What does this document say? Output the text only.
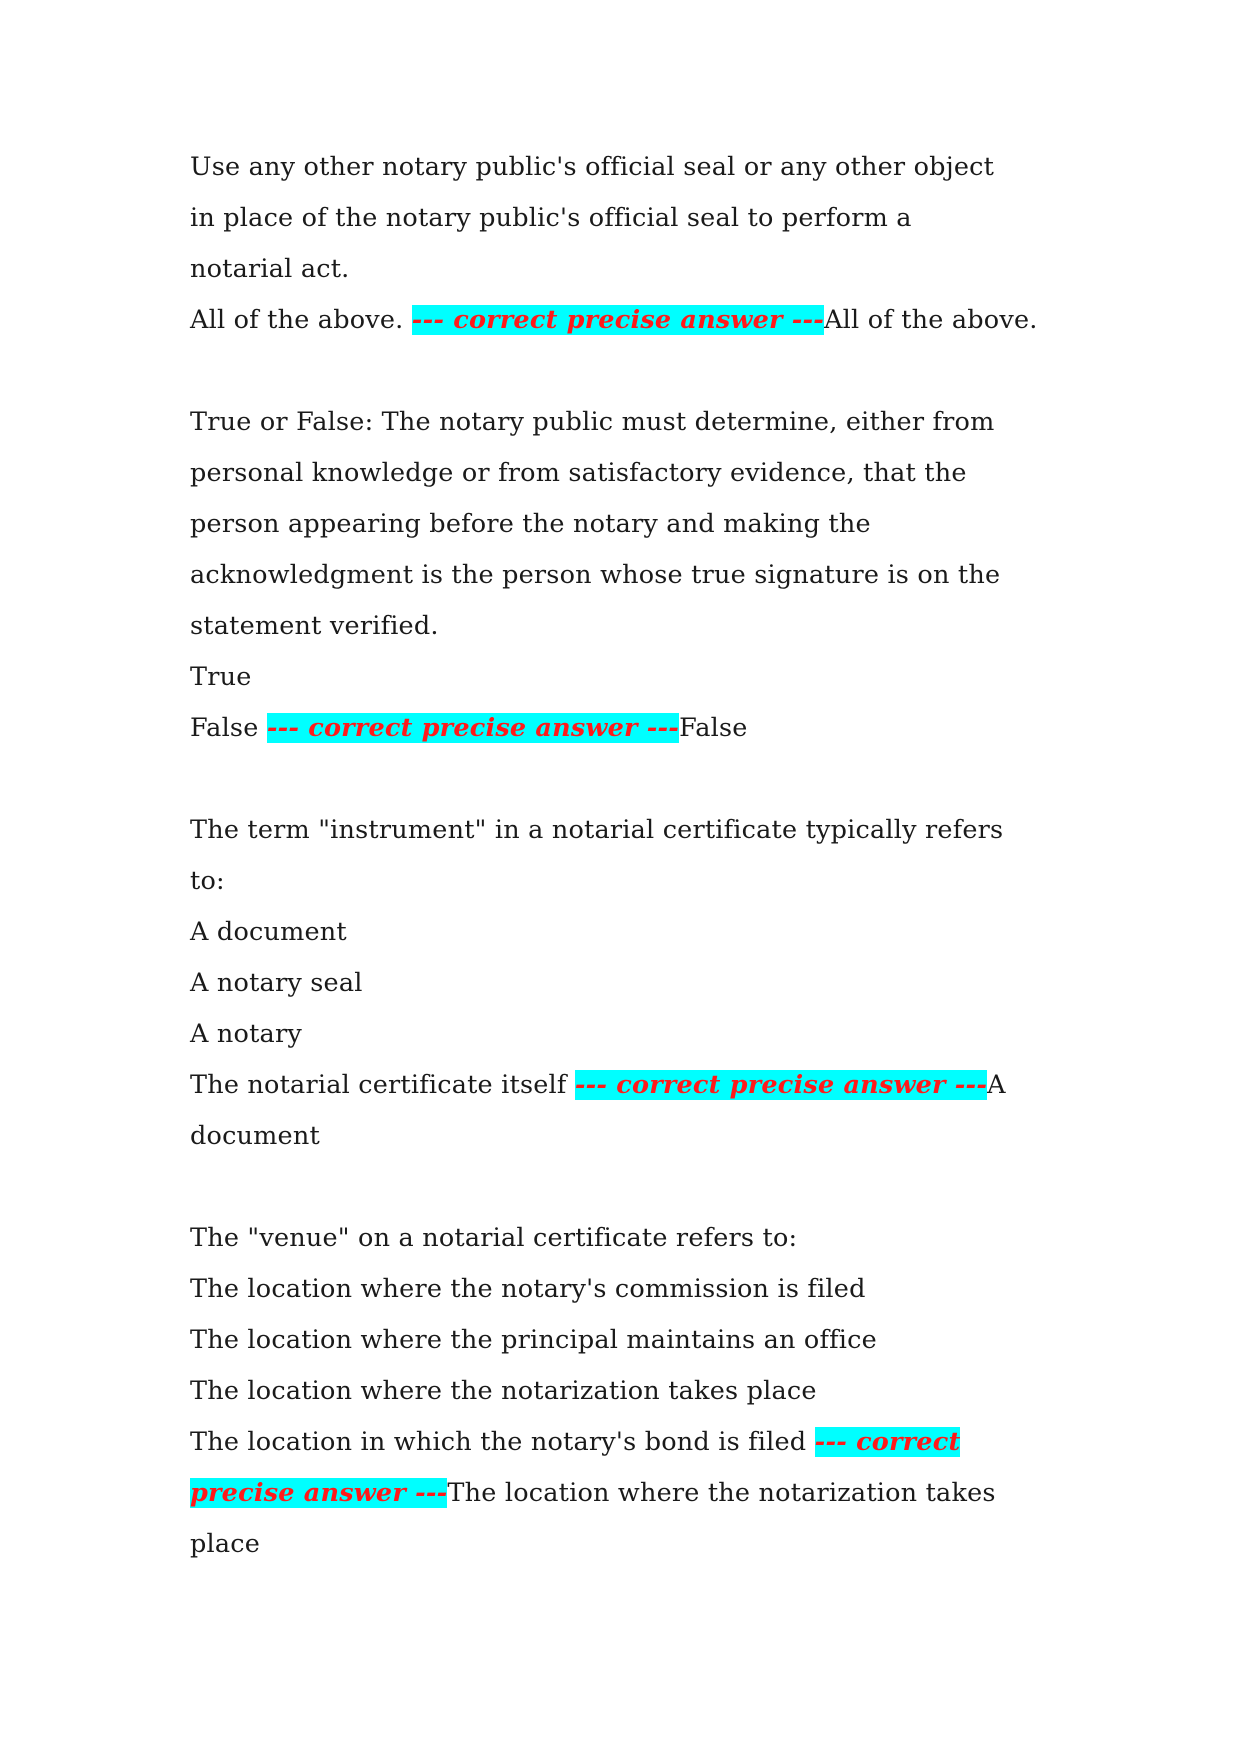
Use any other notary public's official seal or any other object
in place of the notary public's official seal to perform a
notarial act.
All of the above. --- correct precise answer ---All of the above.
True or False: The notary public must determine, either from
personal knowledge or from satisfactory evidence, that the
person appearing before the notary and making the
acknowledgment is the person whose true signature is on the
statement verified.
True
False --- correct precise answer ---False
The term "instrument" in a notarial certificate typically refers
to:
A document
A notary seal
A notary
The notarial certificate itself --- correct precise answer ---A document
The "venue" on a notarial certificate refers to:
The location where the notary's commission is filed
The location where the principal maintains an office
The location where the notarization takes place
The location in which the notary's bond is filed --- correct precise answer ---The location where the notarization takes place
